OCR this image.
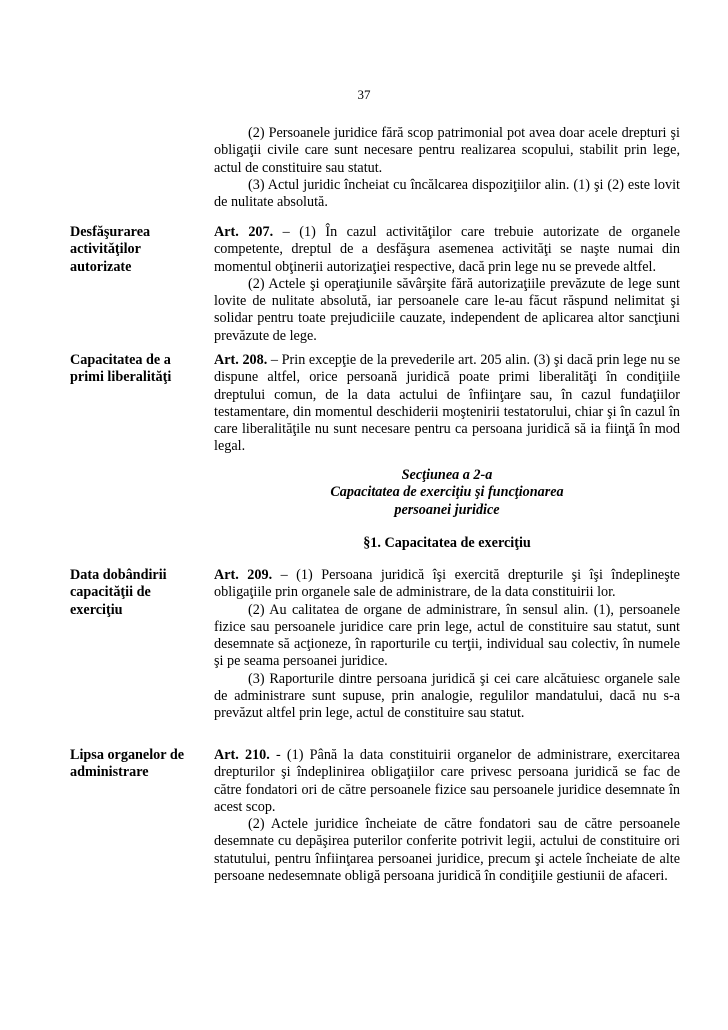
37

(2) Persoanele juridice fără scop patrimonial pot avea doar acele drepturi şi obligaţii civile care sunt necesare pentru realizarea scopului, stabilit prin lege, actul de constituire sau statut.

(3) Actul juridic încheiat cu încălcarea dispoziţiilor alin. (1) şi (2) este lovit de nulitate absolută.

Desfăşurarea activităţilor autorizate

Art. 207. – (1) În cazul activităţilor care trebuie autorizate de organele competente, dreptul de a desfăşura asemenea activităţi se naşte numai din momentul obţinerii autorizaţiei respective, dacă prin lege nu se prevede altfel.

(2) Actele şi operaţiunile săvârşite fără autorizaţiile prevăzute de lege sunt lovite de nulitate absolută, iar persoanele care le-au făcut răspund nelimitat şi solidar pentru toate prejudiciile cauzate, independent de aplicarea altor sancţiuni prevăzute de lege.

Capacitatea de a primi liberalităţi

Art. 208. – Prin excepţie de la prevederile art. 205 alin. (3) şi dacă prin lege nu se dispune altfel, orice persoană juridică poate primi liberalităţi în condiţiile dreptului comun, de la data actului de înfiinţare sau, în cazul fundaţiilor testamentare, din momentul deschiderii moştenirii testatorului, chiar şi în cazul în care liberalităţile nu sunt necesare pentru ca persoana juridică să ia fiinţă în mod legal.

Secţiunea a 2-a
Capacitatea de exerciţiu şi funcţionarea
persoanei juridice
§1. Capacitatea de exerciţiu
Data dobândirii capacităţii de exerciţiu

Art. 209. – (1) Persoana juridică îşi exercită drepturile şi îşi îndeplineşte obligaţiile prin organele sale de administrare, de la data constituirii lor.

(2) Au calitatea de organe de administrare, în sensul alin. (1), persoanele fizice sau persoanele juridice care prin lege, actul de constituire sau statut, sunt desemnate să acţioneze, în raporturile cu terţii, individual sau colectiv, în numele şi pe seama persoanei juridice.

(3) Raporturile dintre persoana juridică şi cei care alcătuiesc organele sale de administrare sunt supuse, prin analogie, regulilor mandatului, dacă nu s-a prevăzut altfel prin lege, actul de constituire sau statut.

Lipsa organelor de administrare

Art. 210. - (1) Până la data constituirii organelor de administrare, exercitarea drepturilor şi îndeplinirea obligaţiilor care privesc persoana juridică se fac de către fondatori ori de către persoanele fizice sau persoanele juridice desemnate în acest scop.

(2) Actele juridice încheiate de către fondatori sau de către persoanele desemnate cu depăşirea puterilor conferite potrivit legii, actului de constituire ori statutului, pentru înfiinţarea persoanei juridice, precum şi actele încheiate de alte persoane nedesemnate obligă persoana juridică în condiţiile gestiunii de afaceri.
